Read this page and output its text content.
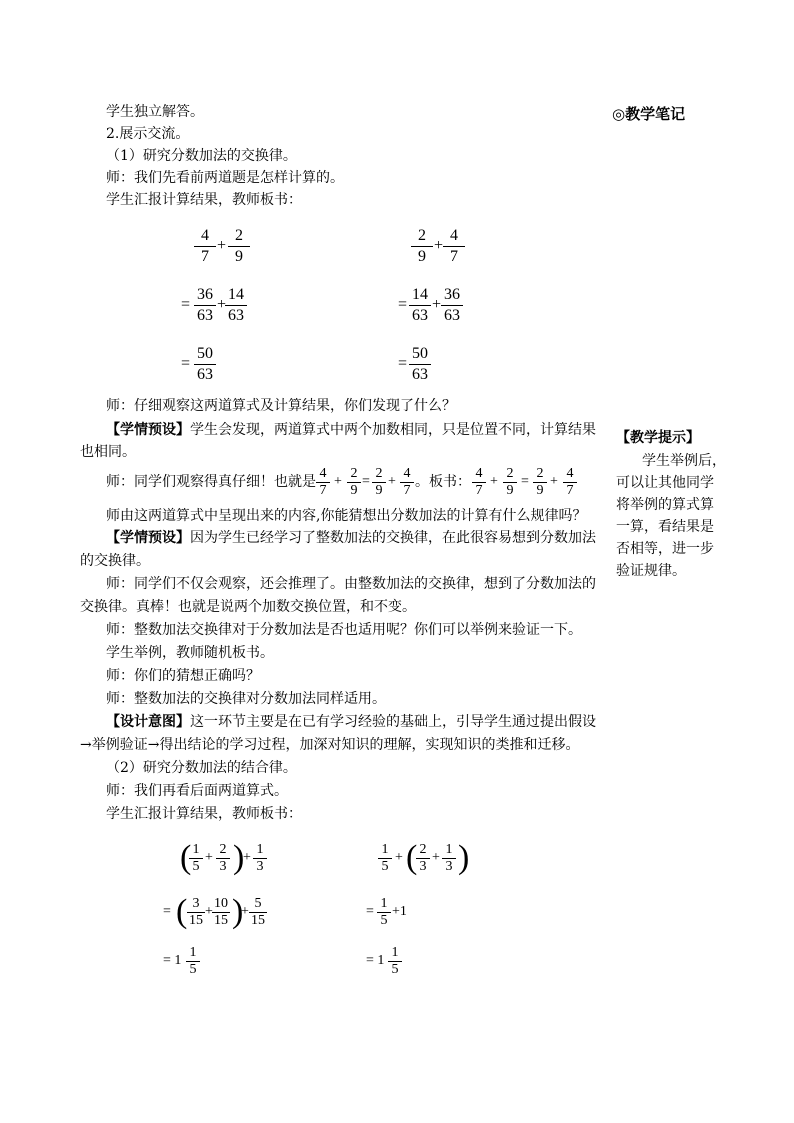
学生独立解答。
2.展示交流。
（1）研究分数加法的交换律。
师：我们先看前两道题是怎样计算的。
学生汇报计算结果，教师板书：
$\frac{4}{7} + \frac{2}{9}$
= $\frac{36}{63}$ +
$\frac{14}{63}$
= $\frac{50}{63}$
$\frac{2}{9} + \frac{4}{7}$
= $\frac{14}{63} + \frac{36}{63}$
= $\frac{50}{63}$
师：仔细观察这两道算式及计算结果，你们发现了什么？
【学情预设】学生会发现，两道算式中两个加数相同，只是位置不同，计算结果
也相同。
师：同学们观察得真仔细！也就是
4
7
+
2
9
=
2
9
+
4
7
。板书：
4
7
+
2
9
=
2
9
+
4
7
师由这两道算式中呈现出来的内容,你能猜想出分数加法的计算有什么规律吗？
【学情预设】因为学生已经学习了整数加法的交换律，在此很容易想到分数加法
的交换律。
师：同学们不仅会观察，还会推理了。由整数加法的交换律，想到了分数加法的
交换律。真棒！也就是说两个加数交换位置，和不变。
师：整数加法交换律对于分数加法是否也适用呢？你们可以举例来验证一下。
学生举例，教师随机板书。
师：你们的猜想正确吗？
师：整数加法的交换律对分数加法同样适用。
【设计意图】这一环节主要是在已有学习经验的基础上，引导学生通过提出假设
→举例验证→得出结论的学习过程，加深对知识的理解，实现知识的类推和迁移。
（2）研究分数加法的结合律。
师：我们再看后面两道算式。
学生汇报计算结果，教师板书：
( 1
5
+
2
3 )
+
1
3
= ( 3
15
+
10
15 )
+
5
15
= 1
1
5
1
5
+ ( 2
3
+
1
3 )
=
1
5
+1
= 1
1
5
◎教学笔记
【教学提示】
学生举例后，
可以让其他同学
将举例的算式算
一算，看结果是
否相等，进一步
验证规律。
